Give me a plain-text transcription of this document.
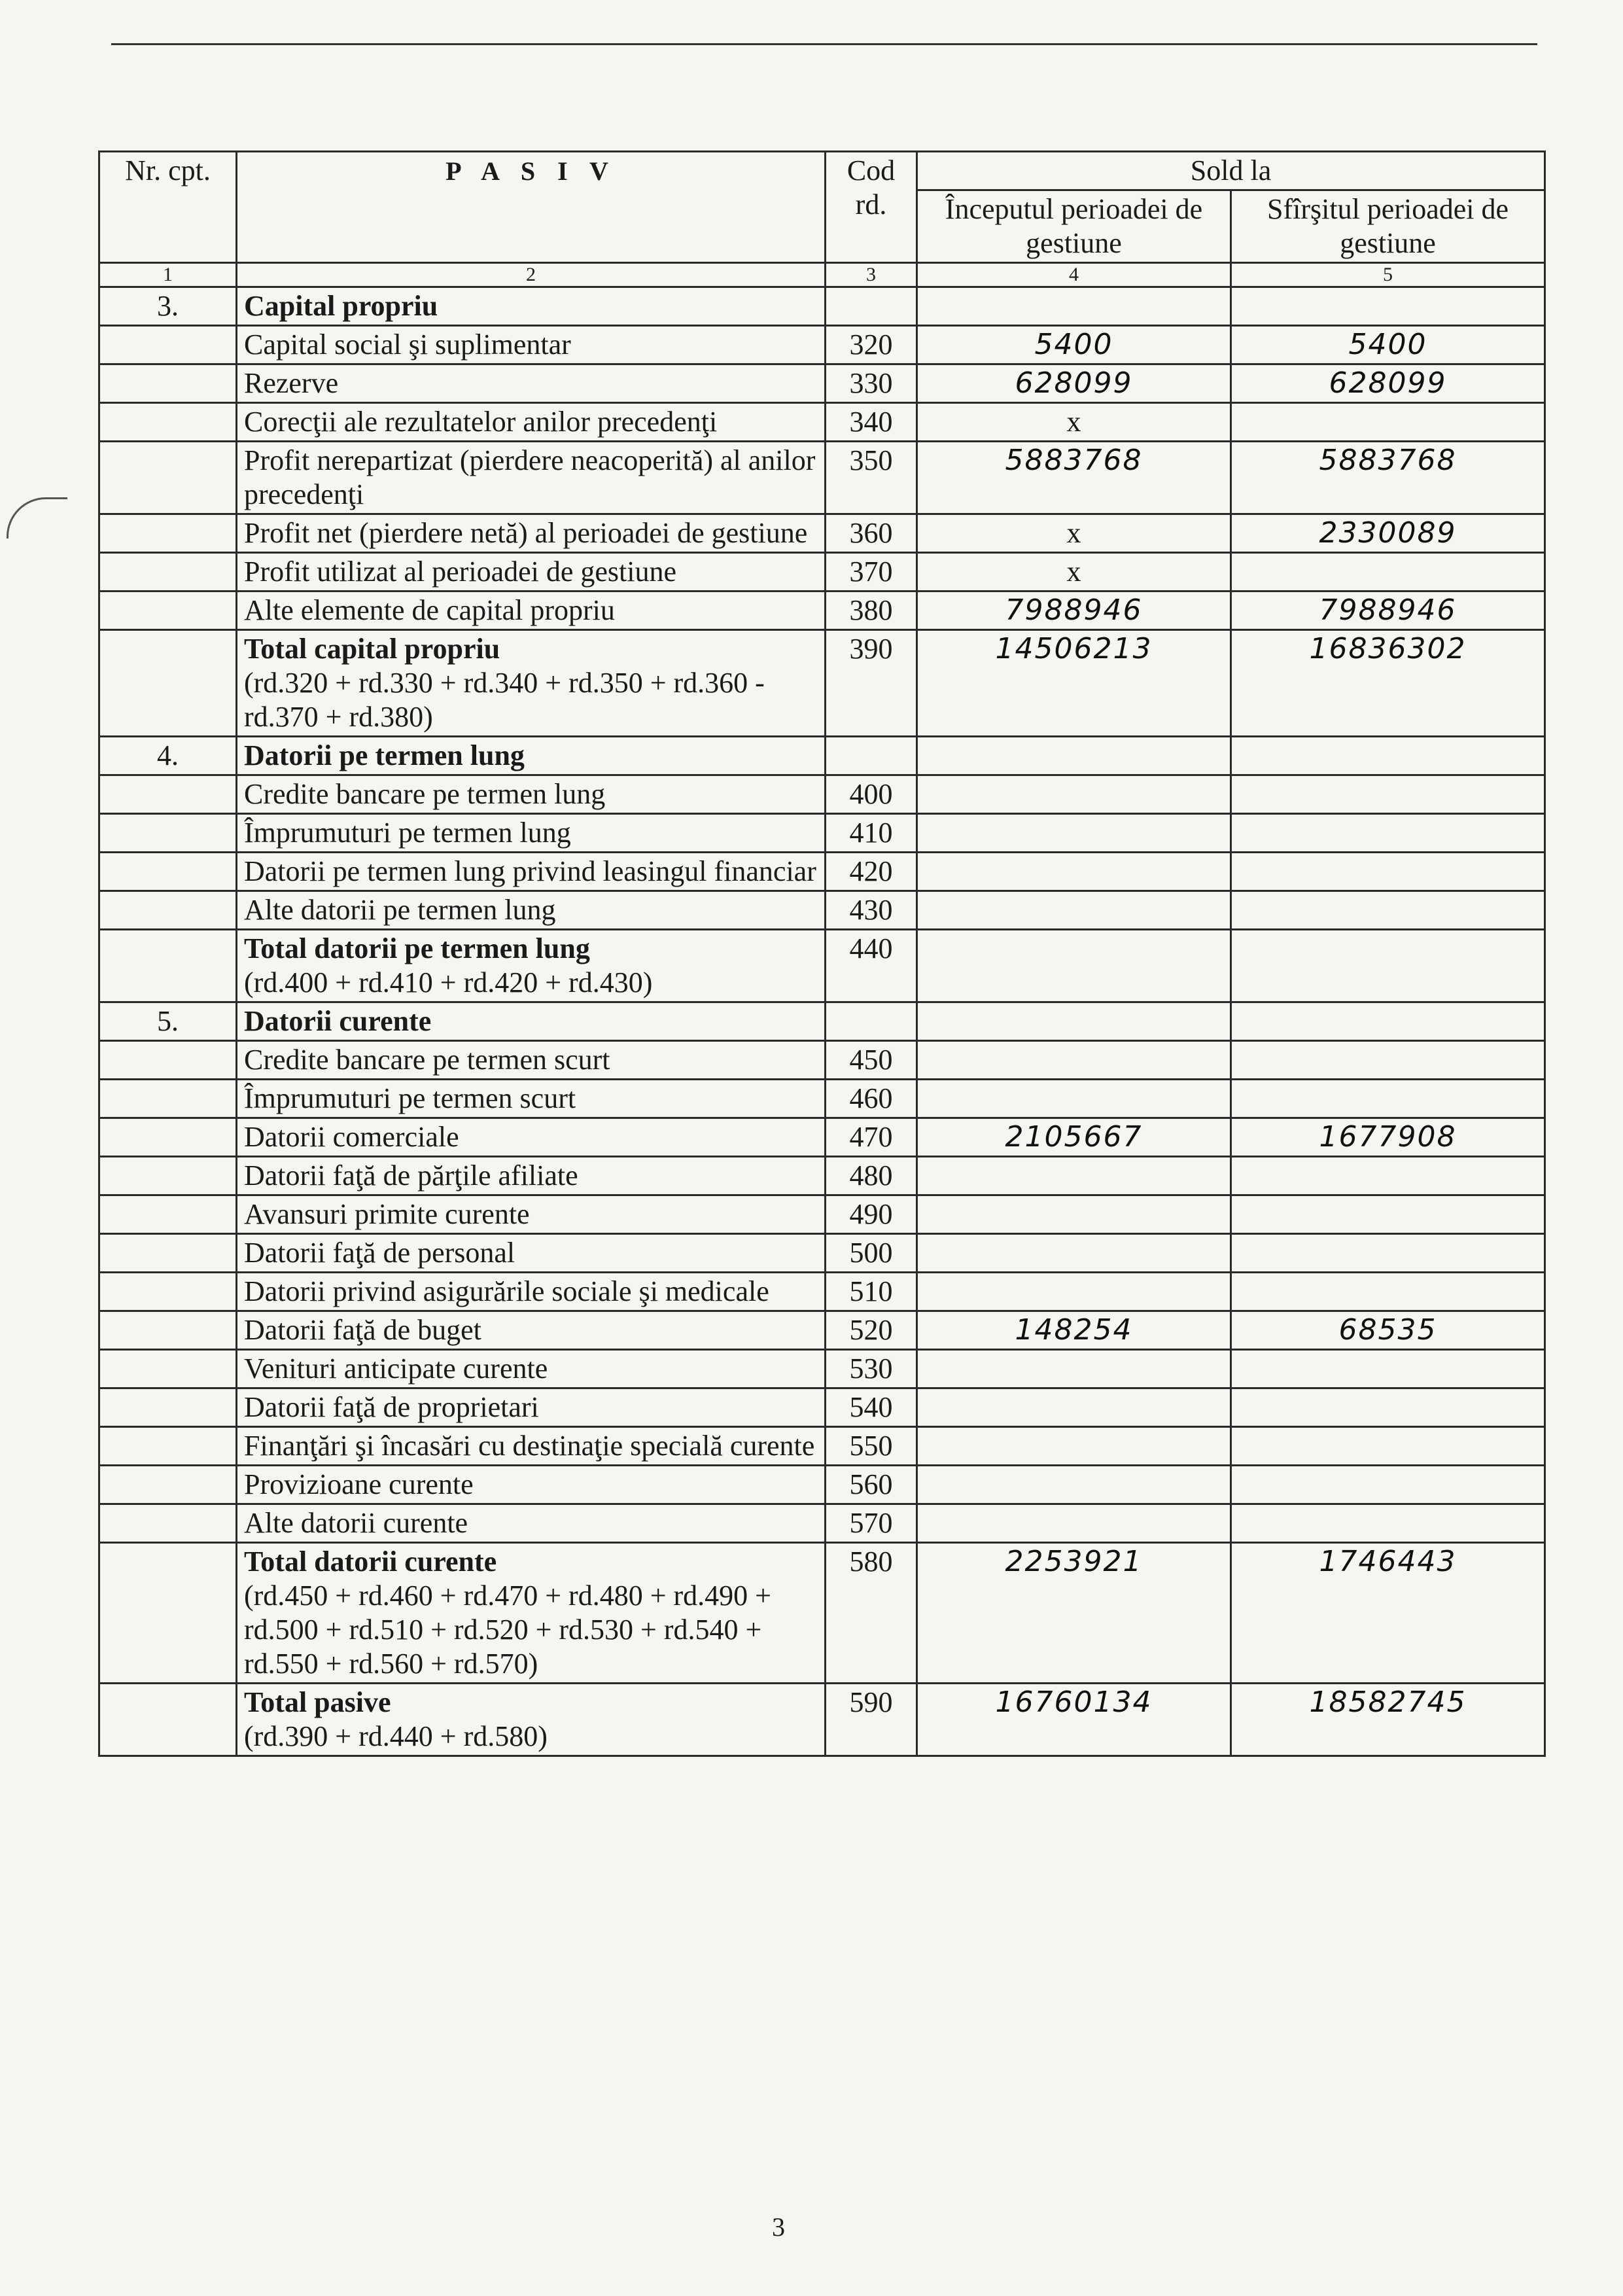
Nr. cpt.	P A S I V	Cod rd.	Sold la	
			Începutul perioadei de gestiune	Sfîrşitul perioadei de gestiune
1	2	3	4	5
3.	Capital propriu			
	Capital social şi suplimentar	320	5400	5400
	Rezerve	330	628099	628099
	Corecţii ale rezultatelor anilor precedenţi	340	x	
	Profit nerepartizat (pierdere neacoperită) al anilor precedenţi	350	5883768	5883768
	Profit net (pierdere netă) al perioadei de gestiune	360	x	2330089
	Profit utilizat al perioadei de gestiune	370	x	
	Alte elemente de capital propriu	380	7988946	7988946
	Total capital propriu
(rd.320 + rd.330 + rd.340 + rd.350 + rd.360 - rd.370 + rd.380)	390	14506213	16836302
4.	Datorii pe termen lung			
	Credite bancare pe termen lung	400		
	Împrumuturi pe termen lung	410		
	Datorii pe termen lung privind leasingul financiar	420		
	Alte datorii pe termen lung	430		
	Total datorii pe termen lung
(rd.400 + rd.410 + rd.420 + rd.430)	440		
5.	Datorii curente			
	Credite bancare pe termen scurt	450		
	Împrumuturi pe termen scurt	460		
	Datorii comerciale	470	2105667	1677908
	Datorii faţă de părţile afiliate	480		
	Avansuri primite curente	490		
	Datorii faţă de personal	500		
	Datorii privind asigurările sociale şi medicale	510		
	Datorii faţă de buget	520	148254	68535
	Venituri anticipate curente	530		
	Datorii faţă de proprietari	540		
	Finanţări şi încasări cu destinaţie specială curente	550		
	Provizioane curente	560		
	Alte datorii curente	570		
	Total datorii curente
(rd.450 + rd.460 + rd.470 + rd.480 + rd.490 + rd.500 + rd.510 + rd.520 + rd.530 + rd.540 + rd.550 + rd.560 + rd.570)	580	2253921	1746443
	Total pasive
(rd.390 + rd.440 + rd.580)	590	16760134	18582745
3
